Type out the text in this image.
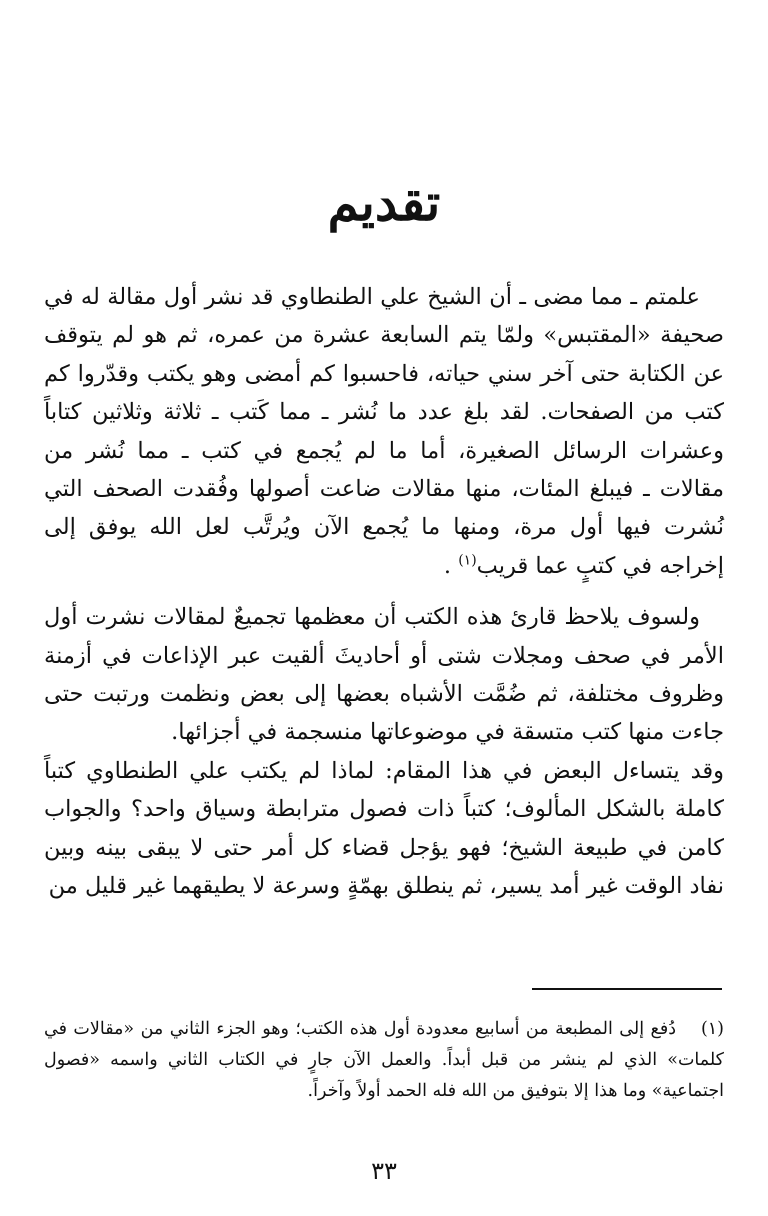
تقديم

علمتم ـ مما مضى ـ أن الشيخ علي الطنطاوي قد نشر أول مقالة له في صحيفة «المقتبس» ولمّا يتم السابعة عشرة من عمره، ثم هو لم يتوقف عن الكتابة حتى آخر سني حياته، فاحسبوا كم أمضى وهو يكتب وقدّروا كم كتب من الصفحات. لقد بلغ عدد ما نُشر ـ مما كَتب ـ ثلاثة وثلاثين كتاباً وعشرات الرسائل الصغيرة، أما ما لم يُجمع في كتب ـ مما نُشر من مقالات ـ فيبلغ المئات، منها مقالات ضاعت أصولها وفُقدت الصحف التي نُشرت فيها أول مرة، ومنها ما يُجمع الآن ويُرتَّب لعل الله يوفق إلى إخراجه في كتبٍ عما قريب$^{(١)}$ .

ولسوف يلاحظ قارئ هذه الكتب أن معظمها تجميعٌ لمقالات نشرت أول الأمر في صحف ومجلات شتى أو أحاديثَ ألقيت عبر الإذاعات في أزمنة وظروف مختلفة، ثم ضُمَّت الأشباه بعضها إلى بعض ونظمت ورتبت حتى جاءت منها كتب متسقة في موضوعاتها منسجمة في أجزائها.

وقد يتساءل البعض في هذا المقام: لماذا لم يكتب علي الطنطاوي كتباً كاملة بالشكل المألوف؛ كتباً ذات فصول مترابطة وسياق واحد؟ والجواب كامن في طبيعة الشيخ؛ فهو يؤجل قضاء كل أمر حتى لا يبقى بينه وبين نفاد الوقت غير أمد يسير، ثم ينطلق بهمّةٍ وسرعة لا يطيقهما غير قليل من

(١)دُفع إلى المطبعة من أسابيع معدودة أول هذه الكتب؛ وهو الجزء الثاني من «مقالات في كلمات» الذي لم ينشر من قبل أبداً. والعمل الآن جارٍ في الكتاب الثاني واسمه «فصول اجتماعية» وما هذا إلا بتوفيق من الله فله الحمد أولاً وآخراً.

٣٣
